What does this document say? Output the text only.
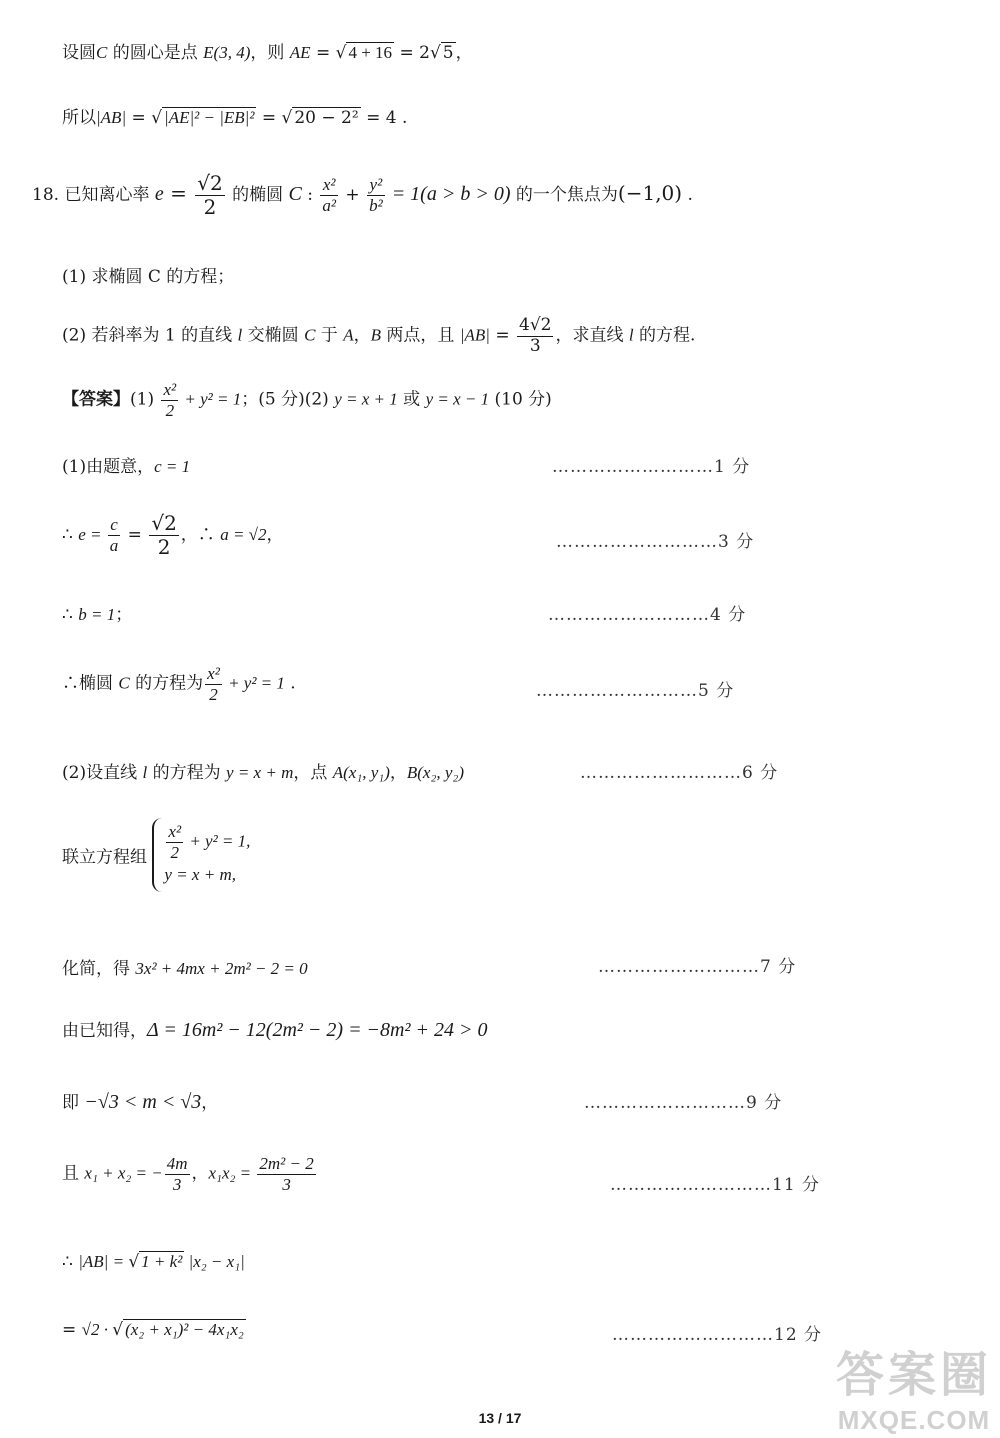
设圆C 的圆心是点 E(3, 4)，则 AE = √ 4 + 16 = 2√ 5 ，
所以|AB| = √ |AE|² − |EB|² = √ 20 − 2² = 4 .
18. 已知离心率 $e = \frac{√2}{2}$ 的椭圆 C : $\frac{\text{x²}}{\text{a²}} + \frac{\text{y²}}{\text{b²}} = 1(a > b > 0)$ 的一个焦点为(−1,0) .
(1) 求椭圆 C 的方程；
(2) 若斜率为 1 的直线 l 交椭圆 C 于 A，B 两点，且 $|AB| = \frac{4√2}{3}$ ，求直线 l 的方程.
【答案】$(1) \frac{\text{x²}}{2} + y^2 = 1$；(5 分)(2) y = x + 1 或 y = x − 1 (10 分)
(1)由题意，c = 1	………………………1 分
∴ $e = \frac{c}{a} = \frac{√2}{2}$ ，∴ a = √2，	………………………3 分
∴ b = 1；	………………………4 分
∴椭圆 C 的方程为 $\frac{\text{x²}}{2} + y^2 = 1$ .	………………………5 分
(2)设直线 l 的方程为 y = x + m，点 A(x₁, y₁)，B(x₂, y₂)	………………………6 分
联立方程组 $\frac{\text{x²}}{2} + y^2 = 1$,
y = x + m,
化简，得 3x² + 4mx + 2m² − 2 = 0	………………………7 分
由已知得，Δ = 16m² − 12(2m² − 2) = −8m² + 24 > 0
即 −√3 < m < √3，	………………………9 分
且 x₁ + x₂ = − $\frac{4m}{3}$ ，$x_1x_2 = \frac{\text{2m² − 2}}{3}$	………………………11 分
∴ |AB| = √ 1 + k² |x₂ − x₁|
= √2 · √ (x₂ + x₁)² − 4x₁x₂	………………………12 分
答案圈
MXQE.COM
13 / 17
